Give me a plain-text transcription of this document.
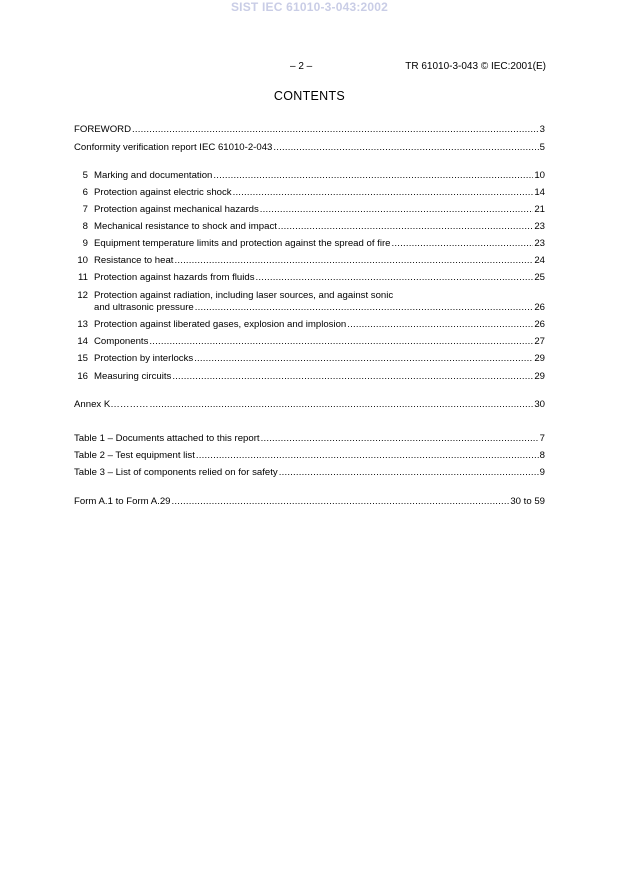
SIST IEC 61010-3-043:2002
– 2 –	TR 61010-3-043 © IEC:2001(E)
CONTENTS
FOREWORD .....	3
Conformity verification report IEC 61010-2-043 .....	5
5 Marking and documentation .....	10
6 Protection against electric shock .....	14
7 Protection against mechanical hazards .....	21
8 Mechanical resistance to shock and impact .....	23
9 Equipment temperature limits and protection against the spread of fire .....	23
10 Resistance to heat .....	24
11 Protection against hazards from fluids .....	25
12 Protection against radiation, including laser sources, and against sonic
and ultrasonic pressure .....	26
13 Protection against liberated gases, explosion and implosion .....	26
14 Components .....	27
15 Protection by interlocks .....	29
16 Measuring circuits .....	29
Annex K………… .....	30
Table 1 – Documents attached to this report .....	7
Table 2 – Test equipment list .....	8
Table 3 – List of components relied on for safety .....	9
Form A.1 to Form A.29 .....	30 to 59
